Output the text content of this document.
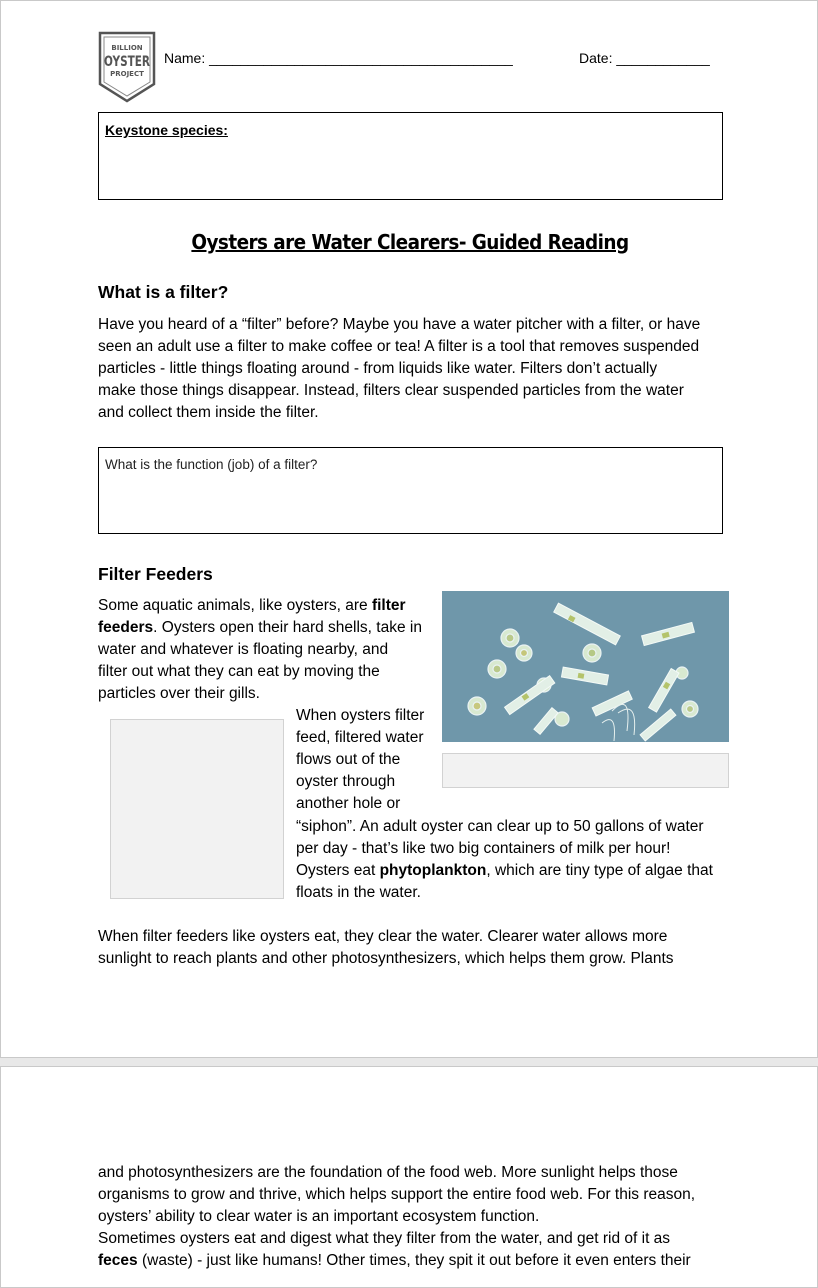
BILLION
OYSTER
PROJECT
Name: _______________________________________	Date: ____________
Keystone species:
Oysters are Water Clearers- Guided Reading
What is a filter?
Have you heard of a “filter” before? Maybe you have a water pitcher with a filter, or have
seen an adult use a filter to make coffee or tea! A filter is a tool that removes suspended
particles - little things floating around - from liquids like water. Filters don’t actually
make those things disappear. Instead, filters clear suspended particles from the water
and collect them inside the filter.
What is the function (job) of a filter?
Filter Feeders
Some aquatic animals, like oysters, are filter
feeders. Oysters open their hard shells, take in
water and whatever is floating nearby, and
filter out what they can eat by moving the
particles over their gills.
When oysters filter
feed, filtered water
flows out of the
oyster through
another hole or
“siphon”. An adult oyster can clear up to 50 gallons of water
per day - that’s like two big containers of milk per hour!
Oysters eat phytoplankton, which are tiny type of algae that
floats in the water.
When filter feeders like oysters eat, they clear the water. Clearer water allows more
sunlight to reach plants and other photosynthesizers, which helps them grow. Plants
and photosynthesizers are the foundation of the food web. More sunlight helps those
organisms to grow and thrive, which helps support the entire food web. For this reason,
oysters’ ability to clear water is an important ecosystem function.
Sometimes oysters eat and digest what they filter from the water, and get rid of it as
feces (waste) - just like humans! Other times, they spit it out before it even enters their
